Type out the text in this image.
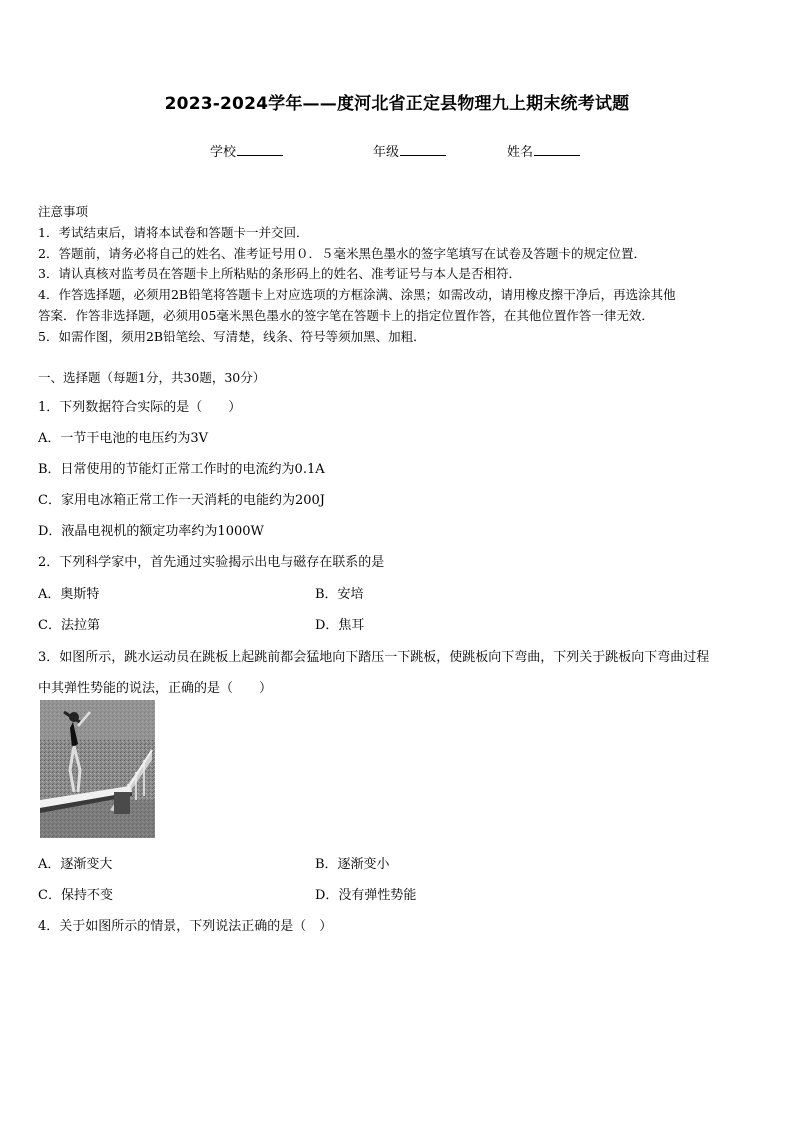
2023-2024学年——度河北省正定县物理九上期末统考试题
学校	年级	姓名
注意事项
1．考试结束后，请将本试卷和答题卡一并交回．
2．答题前，请务必将自己的姓名、准考证号用０．５毫米黑色墨水的签字笔填写在试卷及答题卡的规定位置．
3．请认真核对监考员在答题卡上所粘贴的条形码上的姓名、准考证号与本人是否相符．
4．作答选择题，必须用2B铅笔将答题卡上对应选项的方框涂满、涂黑；如需改动，请用橡皮擦干净后，再选涂其他
答案．作答非选择题，必须用05毫米黑色墨水的签字笔在答题卡上的指定位置作答，在其他位置作答一律无效．
5．如需作图，须用2B铅笔绘、写清楚，线条、符号等须加黑、加粗．
一、选择题（每题1分，共30题，30分）
1．下列数据符合实际的是（　　）
A．一节干电池的电压约为3V
B．日常使用的节能灯正常工作时的电流约为0.1A
C．家用电冰箱正常工作一天消耗的电能约为200J
D．液晶电视机的额定功率约为1000W
2．下列科学家中，首先通过实验揭示出电与磁存在联系的是
A．奥斯特	B．安培
C．法拉第	D．焦耳
3．如图所示，跳水运动员在跳板上起跳前都会猛地向下踏压一下跳板，使跳板向下弯曲，下列关于跳板向下弯曲过程
中其弹性势能的说法，正确的是（　　）
A．逐渐变大	B．逐渐变小
C．保持不变	D．没有弹性势能
4．关于如图所示的情景，下列说法正确的是（　）
